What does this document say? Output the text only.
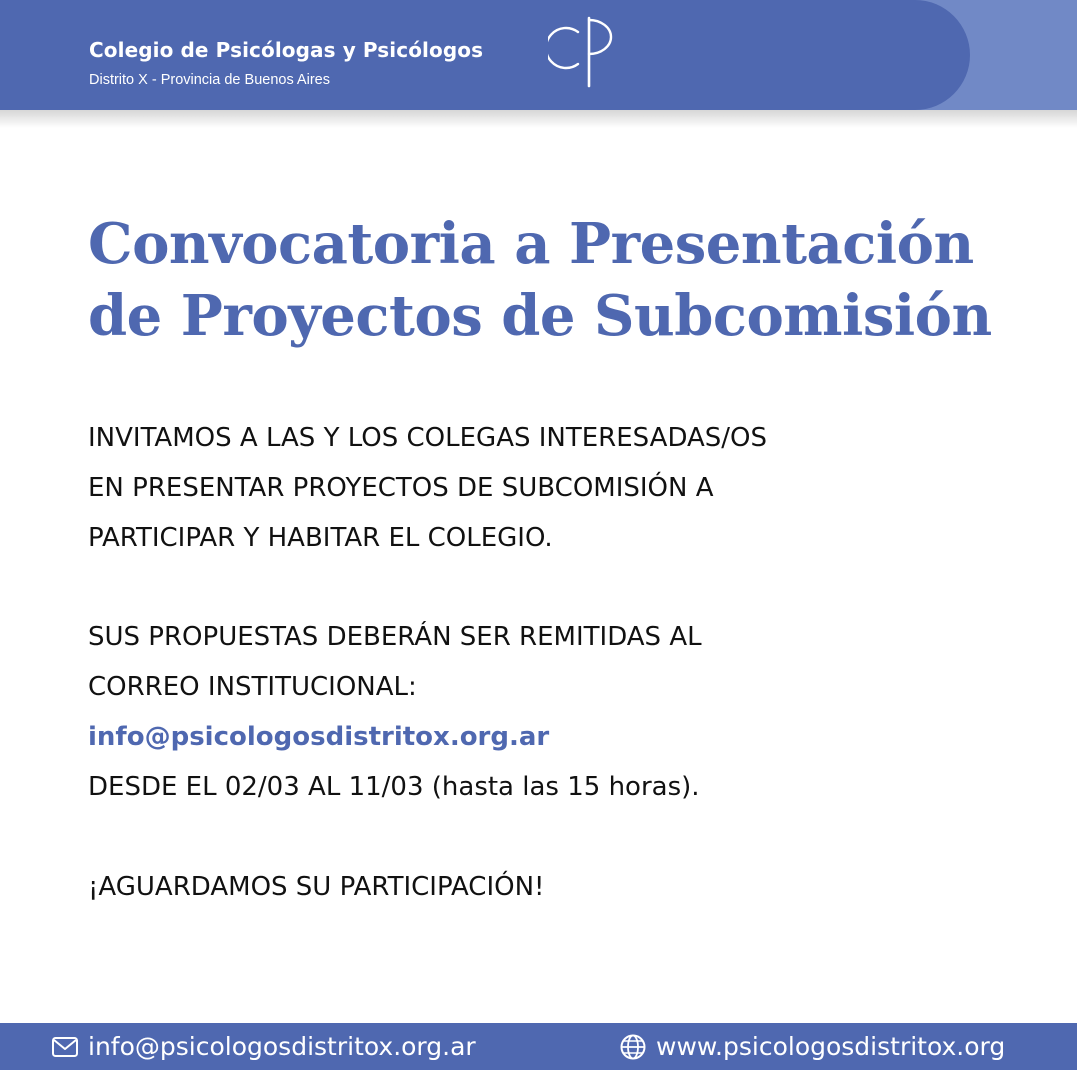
Colegio de Psicólogas y Psicólogos
Distrito X - Provincia de Buenos Aires
Convocatoria a Presentación
de Proyectos de Subcomisión
INVITAMOS A LAS Y LOS COLEGAS INTERESADAS/OS
EN PRESENTAR PROYECTOS DE SUBCOMISIÓN A
PARTICIPAR Y HABITAR EL COLEGIO.
SUS PROPUESTAS DEBERÁN SER REMITIDAS AL
CORREO INSTITUCIONAL:
info@psicologosdistritox.org.ar
DESDE EL 02/03 AL 11/03 (hasta las 15 horas).
¡AGUARDAMOS SU PARTICIPACIÓN!
info@psicologosdistritox.org.ar	www.psicologosdistritox.org
